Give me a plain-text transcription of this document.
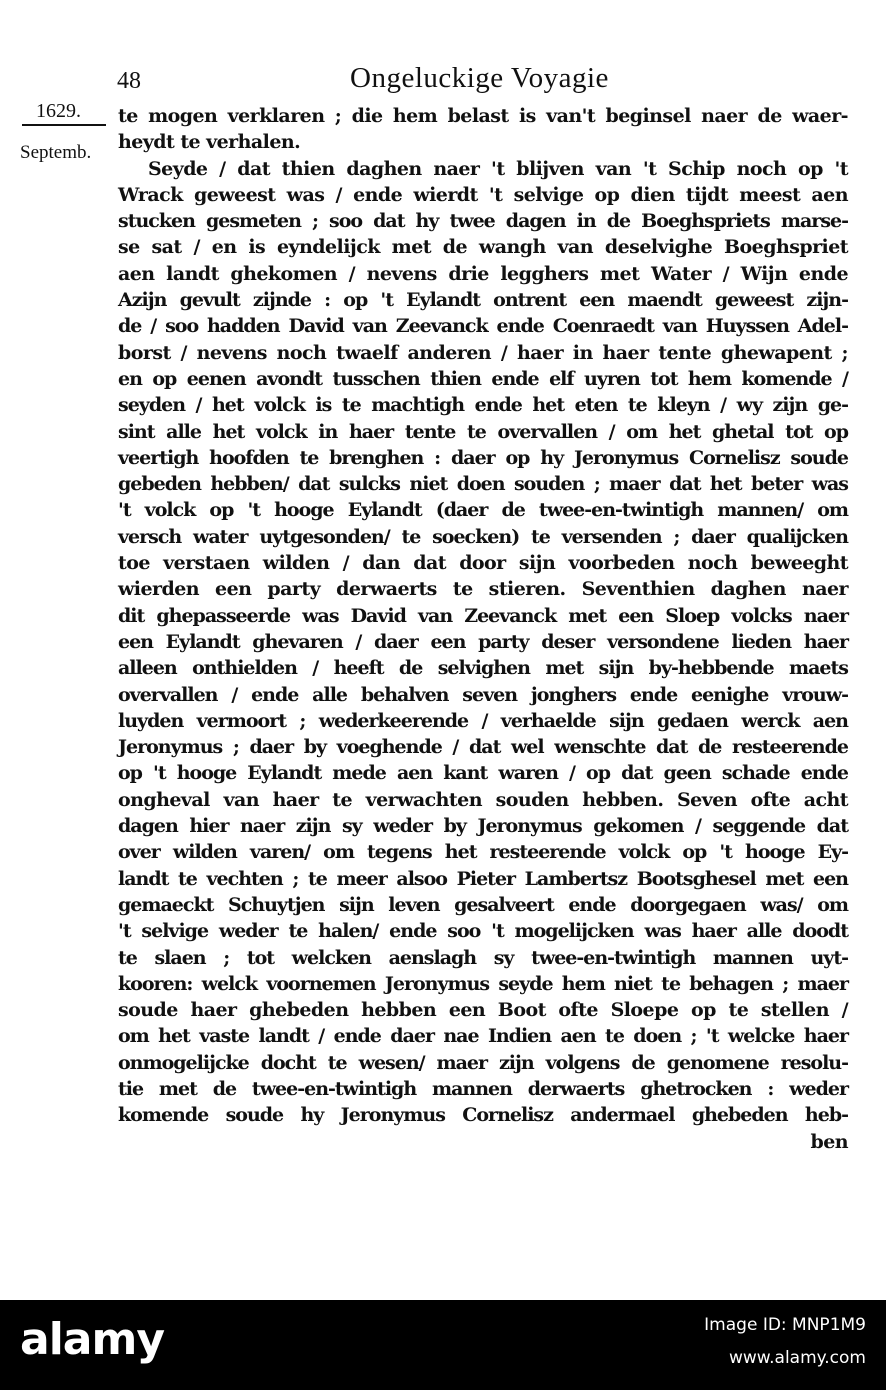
48	Ongeluckige Voyagie
1629.
Septemb.
te mogen verklaren ; die hem belast is van't beginsel naer de waer-
heydt te verhalen.
Seyde / dat thien daghen naer 't blijven van 't Schip noch op 't
Wrack geweest was / ende wierdt 't selvige op dien tijdt meest aen
stucken gesmeten ; soo dat hy twee dagen in de Boeghspriets marse-
se sat / en is eyndelijck met de wangh van deselvighe Boeghspriet
aen landt ghekomen / nevens drie legghers met Water / Wijn ende
Azijn gevult zijnde : op 't Eylandt ontrent een maendt geweest zijn-
de / soo hadden David van Zeevanck ende Coenraedt van Huyssen Adel-
borst / nevens noch twaelf anderen / haer in haer tente ghewapent ;
en op eenen avondt tusschen thien ende elf uyren tot hem komende /
seyden / het volck is te machtigh ende het eten te kleyn / wy zijn ge-
sint alle het volck in haer tente te overvallen / om het ghetal tot op
veertigh hoofden te brenghen : daer op hy Jeronymus Cornelisz soude
gebeden hebben/ dat sulcks niet doen souden ; maer dat het beter was
't volck op 't hooge Eylandt (daer de twee-en-twintigh mannen/ om
versch water uytgesonden/ te soecken) te versenden ; daer qualijcken
toe verstaen wilden / dan dat door sijn voorbeden noch beweeght
wierden een party derwaerts te stieren. Seventhien daghen naer
dit ghepasseerde was David van Zeevanck met een Sloep volcks naer
een Eylandt ghevaren / daer een party deser versondene lieden haer
alleen onthielden / heeft de selvighen met sijn by-hebbende maets
overvallen / ende alle behalven seven jonghers ende eenighe vrouw-
luyden vermoort ; wederkeerende / verhaelde sijn gedaen werck aen
Jeronymus ; daer by voeghende / dat wel wenschte dat de resteerende
op 't hooge Eylandt mede aen kant waren / op dat geen schade ende
ongheval van haer te verwachten souden hebben. Seven ofte acht
dagen hier naer zijn sy weder by Jeronymus gekomen / seggende dat
over wilden varen/ om tegens het resteerende volck op 't hooge Ey-
landt te vechten ; te meer alsoo Pieter Lambertsz Bootsghesel met een
gemaeckt Schuytjen sijn leven gesalveert ende doorgegaen was/ om
't selvige weder te halen/ ende soo 't mogelijcken was haer alle doodt
te slaen ; tot welcken aenslagh sy twee-en-twintigh mannen uyt-
kooren: welck voornemen Jeronymus seyde hem niet te behagen ; maer
soude haer ghebeden hebben een Boot ofte Sloepe op te stellen /
om het vaste landt / ende daer nae Indien aen te doen ; 't welcke haer
onmogelijcke docht te wesen/ maer zijn volgens de genomene resolu-
tie met de twee-en-twintigh mannen derwaerts ghetrocken : weder
komende soude hy Jeronymus Cornelisz andermael ghebeden heb-
ben
alamy	Image ID: MNP1M9
www.alamy.com
